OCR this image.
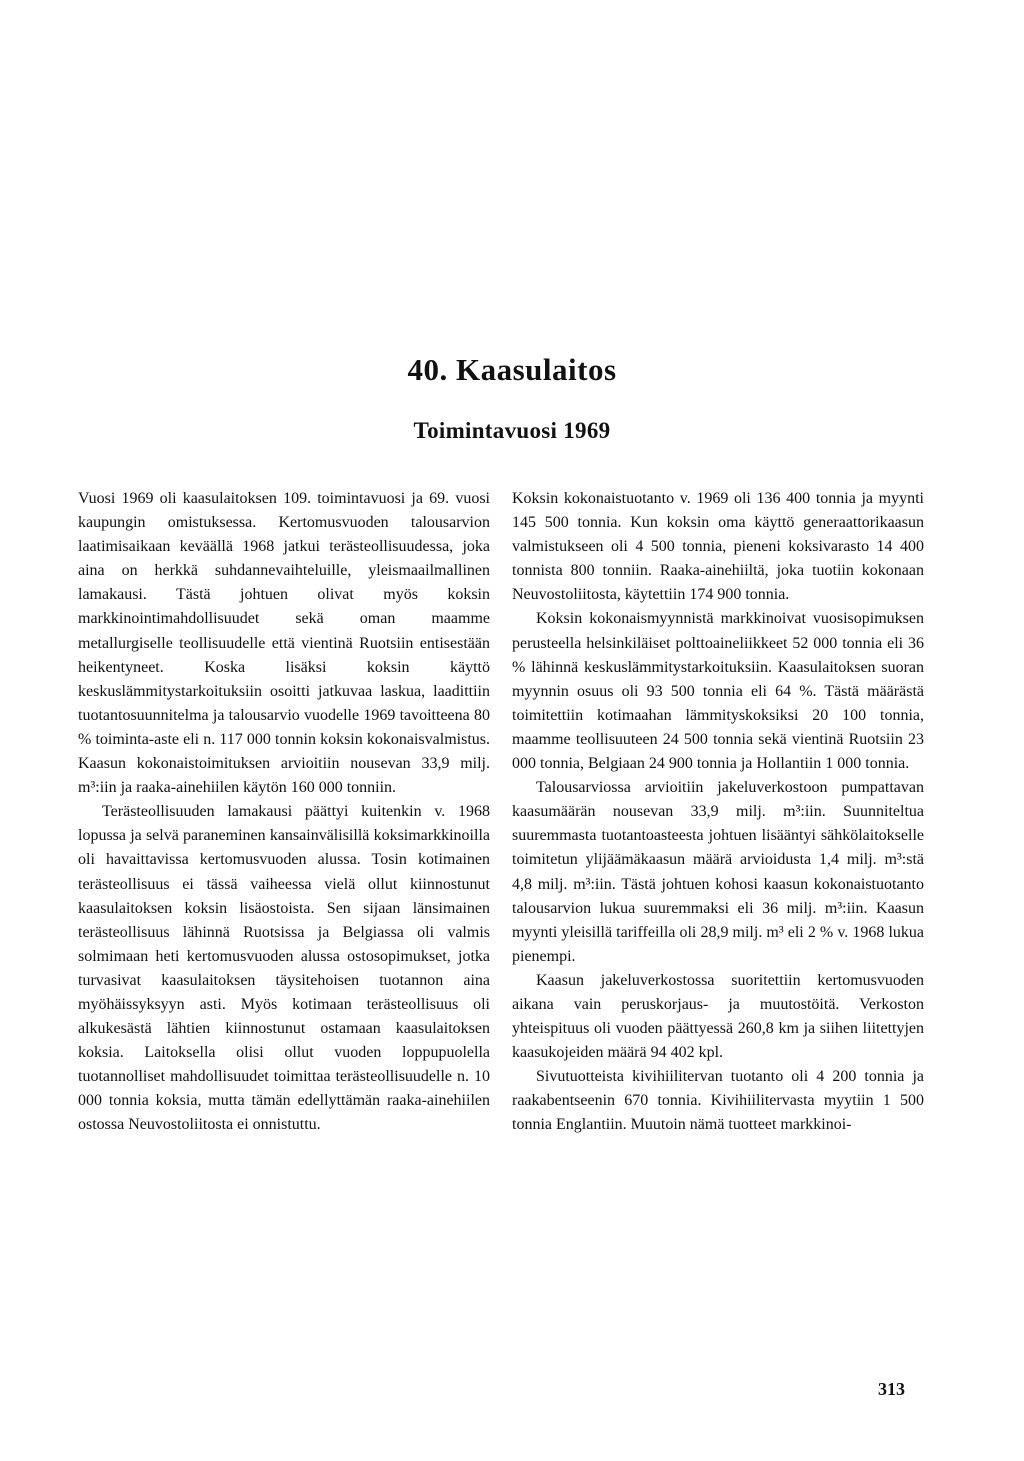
40. Kaasulaitos
Toimintavuosi 1969

Vuosi 1969 oli kaasulaitoksen 109. toimintavuosi ja 69. vuosi kaupungin omistuksessa. Kertomusvuoden talousarvion laatimisaikaan keväällä 1968 jatkui terästeollisuudessa, joka aina on herkkä suhdannevaihteluille, yleismaailmallinen lamakausi. Tästä johtuen olivat myös koksin markkinointimahdollisuudet sekä oman maamme metallurgiselle teollisuudelle että vientinä Ruotsiin entisestään heikentyneet. Koska lisäksi koksin käyttö keskuslämmitystarkoituksiin osoitti jatkuvaa laskua, laadittiin tuotantosuunnitelma ja talousarvio vuodelle 1969 tavoitteena 80 % toiminta-aste eli n. 117 000 tonnin koksin kokonaisvalmistus. Kaasun kokonaistoimituksen arvioitiin nousevan 33,9 milj. m³:iin ja raaka-ainehiilen käytön 160 000 tonniin.

Terästeollisuuden lamakausi päättyi kuitenkin v. 1968 lopussa ja selvä paraneminen kansainvälisillä koksimarkkinoilla oli havaittavissa kertomusvuoden alussa. Tosin kotimainen terästeollisuus ei tässä vaiheessa vielä ollut kiinnostunut kaasulaitoksen koksin lisäostoista. Sen sijaan länsimainen terästeollisuus lähinnä Ruotsissa ja Belgiassa oli valmis solmimaan heti kertomusvuoden alussa ostosopimukset, jotka turvasivat kaasulaitoksen täysitehoisen tuotannon aina myöhäissyksyyn asti. Myös kotimaan terästeollisuus oli alkukesästä lähtien kiinnostunut ostamaan kaasulaitoksen koksia. Laitoksella olisi ollut vuoden loppupuolella tuotannolliset mahdollisuudet toimittaa terästeollisuudelle n. 10 000 tonnia koksia, mutta tämän edellyttämän raaka-ainehiilen ostossa Neuvostoliitosta ei onnistuttu.

Koksin kokonaistuotanto v. 1969 oli 136 400 tonnia ja myynti 145 500 tonnia. Kun koksin oma käyttö generaattorikaasun valmistukseen oli 4 500 tonnia, pieneni koksivarasto 14 400 tonnista 800 tonniin. Raaka-ainehiiltä, joka tuotiin kokonaan Neuvostoliitosta, käytettiin 174 900 tonnia.

Koksin kokonaismyynnistä markkinoivat vuosisopimuksen perusteella helsinkiläiset polttoaineliikkeet 52 000 tonnia eli 36 % lähinnä keskuslämmitystarkoituksiin. Kaasulaitoksen suoran myynnin osuus oli 93 500 tonnia eli 64 %. Tästä määrästä toimitettiin kotimaahan lämmityskoksiksi 20 100 tonnia, maamme teollisuuteen 24 500 tonnia sekä vientinä Ruotsiin 23 000 tonnia, Belgiaan 24 900 tonnia ja Hollantiin 1 000 tonnia.

Talousarviossa arvioitiin jakeluverkostoon pumpattavan kaasumäärän nousevan 33,9 milj. m³:iin. Suunniteltua suuremmasta tuotantoasteesta johtuen lisääntyi sähkölaitokselle toimitetun ylijäämäkaasun määrä arvioidusta 1,4 milj. m³:stä 4,8 milj. m³:iin. Tästä johtuen kohosi kaasun kokonaistuotanto talousarvion lukua suuremmaksi eli 36 milj. m³:iin. Kaasun myynti yleisillä tariffeilla oli 28,9 milj. m³ eli 2 % v. 1968 lukua pienempi.

Kaasun jakeluverkostossa suoritettiin kertomusvuoden aikana vain peruskorjaus- ja muutostöitä. Verkoston yhteispituus oli vuoden päättyessä 260,8 km ja siihen liitettyjen kaasukojeiden määrä 94 402 kpl.

Sivutuotteista kivihiilitervan tuotanto oli 4 200 tonnia ja raakabentseenin 670 tonnia. Kivihiilitervasta myytiin 1 500 tonnia Englantiin. Muutoin nämä tuotteet markkinoi-

313
